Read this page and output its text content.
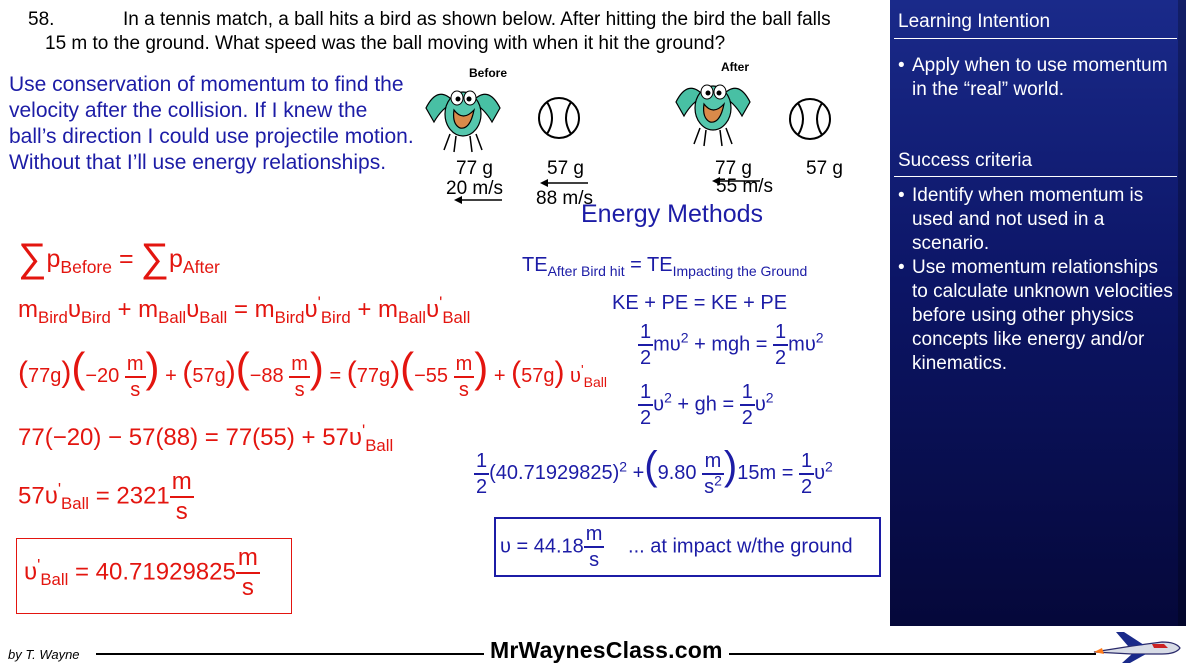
58.	In a tennis match, a ball hits a bird as shown below. After hitting the bird the ball falls
15 m to the ground. What speed was the ball moving with when it hit the ground?
Use conservation of momentum to find the velocity after the collision. If I knew the ball’s direction I could use projectile motion. Without that I’ll use energy relationships.
Before
77 g
20 m/s
57 g
88 m/s
After
77 g
55 m/s
57 g
Energy Methods
$\sum p_{Before} = \sum p_{After}$
$m_{Bird}\upsilon_{Bird} + m_{Ball}\upsilon_{Ball} = m_{Bird}\upsilon'_{Bird} + m_{Ball}\upsilon'_{Ball}$
$(77g)(-20 \frac{m}{s}$ ) + $(57g)(-88 \frac{m}{s}$ ) = $(77g)(-55 \frac{m}{s}$ ) + (57g) $\upsilon'_{Ball}$
$77(-20) - 57(88) = 77(55) + 57\upsilon'_{Ball}$
$57\upsilon'_{Ball} = 2321 \frac{m}{s}$
$\upsilon'_{Ball} = 40.71929825 \frac{m}{s}$
$TE_{After Bird hit} = TE_{Impacting the Ground}$
KE + PE = KE + PE
$\frac{1}{2} m\upsilon^2$ + mgh = $\frac{1}{2} m\upsilon^2$
$\frac{1}{2} \upsilon^2$ + gh = $\frac{1}{2} \upsilon^2$
$\frac{1}{2} (40.71929825)^2 +(9.80 \frac{m}{s^2} )15m = \frac{1}{2} \upsilon^2$
$\upsilon = 44.18 \frac{m}{s}$ ... at impact w/the ground
Learning Intention
• Apply when to use momentum in the “real” world.
Success criteria
• Identify when momentum is used and not used in a scenario.
• Use momentum relationships to calculate unknown velocities before using other physics concepts like energy and/or kinematics.
by T. Wayne	MrWaynesClass.com
